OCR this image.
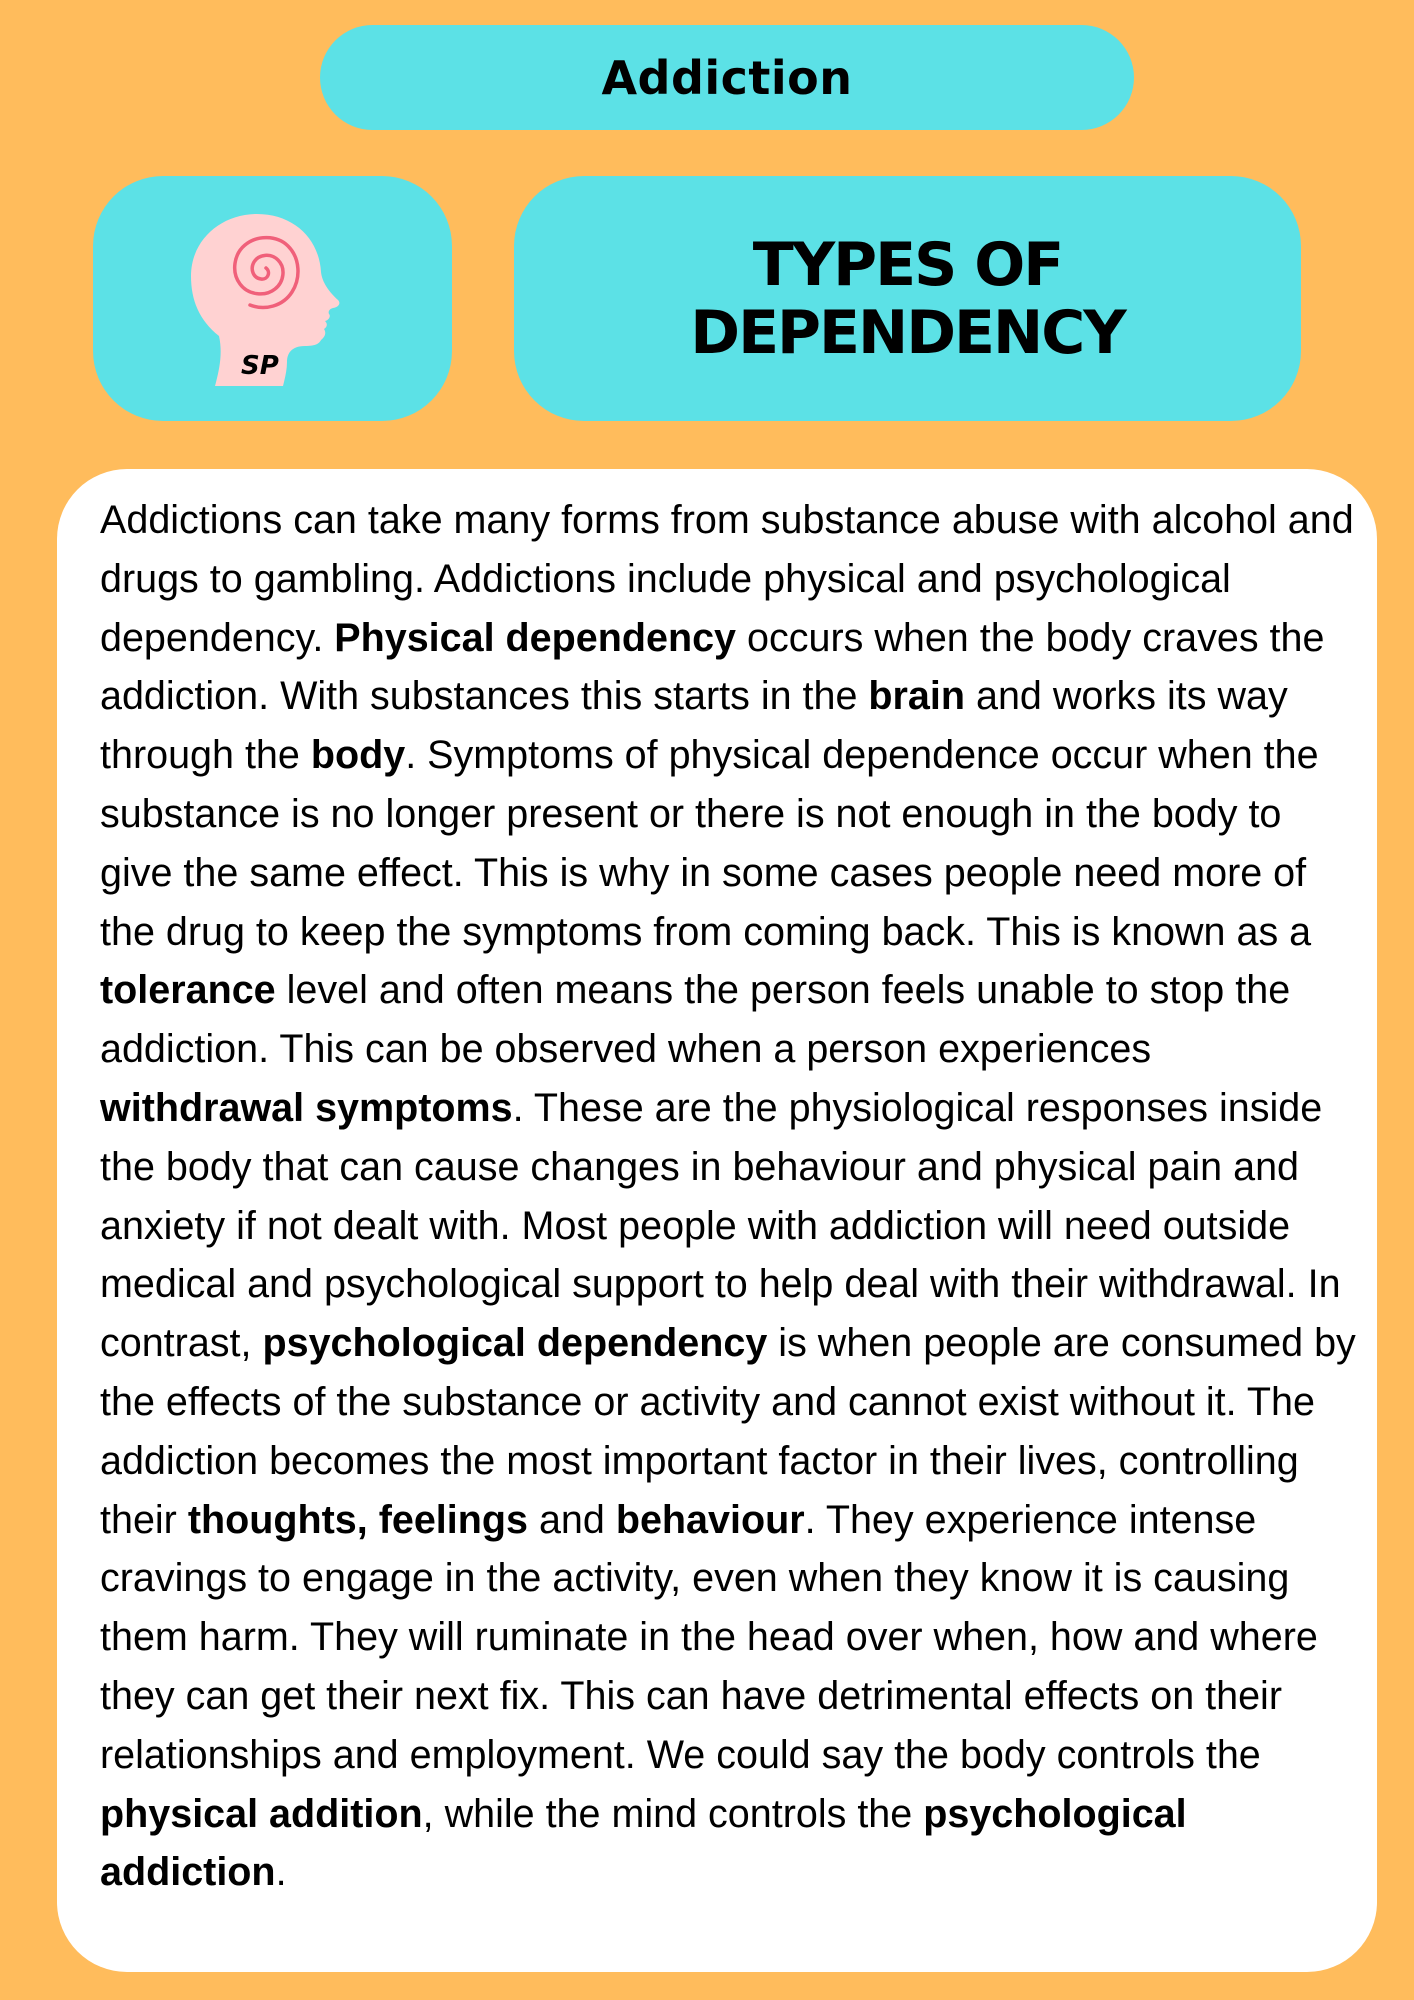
Addiction
SP
TYPES OF
DEPENDENCY

Addictions can take many forms from substance abuse with alcohol and drugs to gambling. Addictions include physical and psychological dependency. Physical dependency occurs when the body craves the addiction. With substances this starts in the brain and works its way through the body. Symptoms of physical dependence occur when the substance is no longer present or there is not enough in the body to give the same effect. This is why in some cases people need more of the drug to keep the symptoms from coming back. This is known as a tolerance level and often means the person feels unable to stop the addiction. This can be observed when a person experiences withdrawal symptoms. These are the physiological responses inside the body that can cause changes in behaviour and physical pain and anxiety if not dealt with. Most people with addiction will need outside medical and psychological support to help deal with their withdrawal. In contrast, psychological dependency is when people are consumed by the effects of the substance or activity and cannot exist without it. The addiction becomes the most important factor in their lives, controlling their thoughts, feelings and behaviour. They experience intense cravings to engage in the activity, even when they know it is causing them harm. They will ruminate in the head over when, how and where they can get their next fix. This can have detrimental effects on their relationships and employment. We could say the body controls the physical addition, while the mind controls the psychological addiction.
